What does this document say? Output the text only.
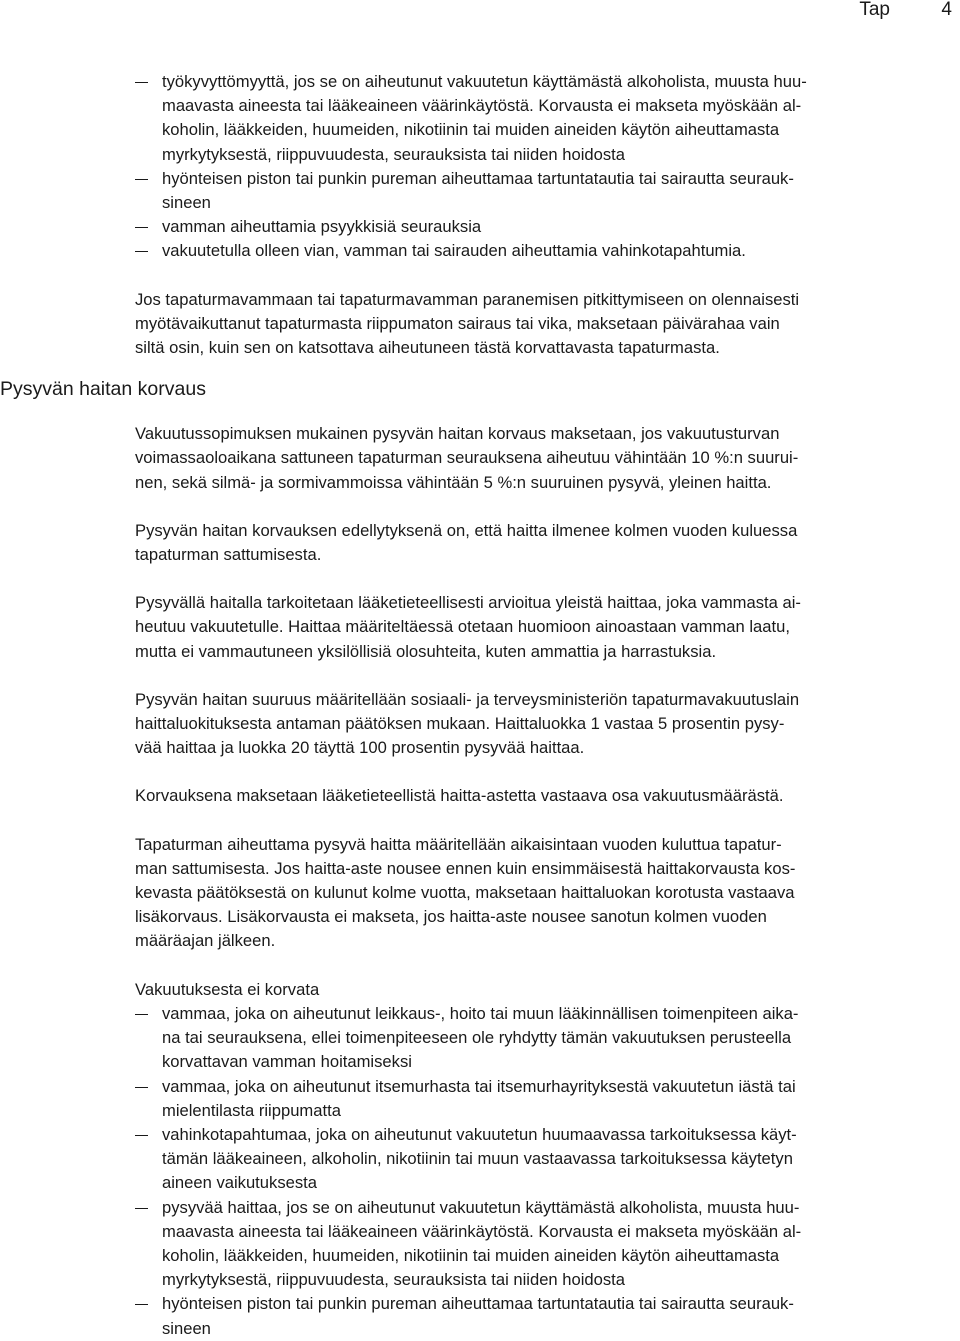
Tap	4
työkyvyttömyyttä, jos se on aiheutunut vakuutetun käyttämästä alkoholista, muusta huu-
maavasta aineesta tai lääkeaineen väärinkäytöstä. Korvausta ei makseta myöskään al-
koholin, lääkkeiden, huumeiden, nikotiinin tai muiden aineiden käytön aiheuttamasta
myrkytyksestä, riippuvuudesta, seurauksista tai niiden hoidosta
hyönteisen piston tai punkin pureman aiheuttamaa tartuntatautia tai sairautta seurauk-
sineen
vamman aiheuttamia psyykkisiä seurauksia
vakuutetulla olleen vian, vamman tai sairauden aiheuttamia vahinkotapahtumia.
Jos tapaturmavammaan tai tapaturmavamman paranemisen pitkittymiseen on olennaisesti
myötävaikuttanut tapaturmasta riippumaton sairaus tai vika, maksetaan päivärahaa vain
siltä osin, kuin sen on katsottava aiheutuneen tästä korvattavasta tapaturmasta.
Pysyvän haitan korvaus
Vakuutussopimuksen mukainen pysyvän haitan korvaus maksetaan, jos vakuutusturvan
voimassaoloaikana sattuneen tapaturman seurauksena aiheutuu vähintään 10 %:n suurui-
nen, sekä silmä- ja sormivammoissa vähintään 5 %:n suuruinen pysyvä, yleinen haitta.
Pysyvän haitan korvauksen edellytyksenä on, että haitta ilmenee kolmen vuoden kuluessa
tapaturman sattumisesta.
Pysyvällä haitalla tarkoitetaan lääketieteellisesti arvioitua yleistä haittaa, joka vammasta ai-
heutuu vakuutetulle. Haittaa määriteltäessä otetaan huomioon ainoastaan vamman laatu,
mutta ei vammautuneen yksilöllisiä olosuhteita, kuten ammattia ja harrastuksia.
Pysyvän haitan suuruus määritellään sosiaali- ja terveysministeriön tapaturmavakuutuslain
haittaluokituksesta antaman päätöksen mukaan. Haittaluokka 1 vastaa 5 prosentin pysy-
vää haittaa ja luokka 20 täyttä 100 prosentin pysyvää haittaa.
Korvauksena maksetaan lääketieteellistä haitta-astetta vastaava osa vakuutusmäärästä.
Tapaturman aiheuttama pysyvä haitta määritellään aikaisintaan vuoden kuluttua tapatur-
man sattumisesta. Jos haitta-aste nousee ennen kuin ensimmäisestä haittakorvausta kos-
kevasta päätöksestä on kulunut kolme vuotta, maksetaan haittaluokan korotusta vastaava
lisäkorvaus. Lisäkorvausta ei makseta, jos haitta-aste nousee sanotun kolmen vuoden
määräajan jälkeen.
Vakuutuksesta ei korvata
vammaa, joka on aiheutunut leikkaus-, hoito tai muun lääkinnällisen toimenpiteen aika-
na tai seurauksena, ellei toimenpiteeseen ole ryhdytty tämän vakuutuksen perusteella
korvattavan vamman hoitamiseksi
vammaa, joka on aiheutunut itsemurhasta tai itsemurhayrityksestä vakuutetun iästä tai
mielentilasta riippumatta
vahinkotapahtumaa, joka on aiheutunut vakuutetun huumaavassa tarkoituksessa käyt-
tämän lääkeaineen, alkoholin, nikotiinin tai muun vastaavassa tarkoituksessa käytetyn
aineen vaikutuksesta
pysyvää haittaa, jos se on aiheutunut vakuutetun käyttämästä alkoholista, muusta huu-
maavasta aineesta tai lääkeaineen väärinkäytöstä. Korvausta ei makseta myöskään al-
koholin, lääkkeiden, huumeiden, nikotiinin tai muiden aineiden käytön aiheuttamasta
myrkytyksestä, riippuvuudesta, seurauksista tai niiden hoidosta
hyönteisen piston tai punkin pureman aiheuttamaa tartuntatautia tai sairautta seurauk-
sineen
